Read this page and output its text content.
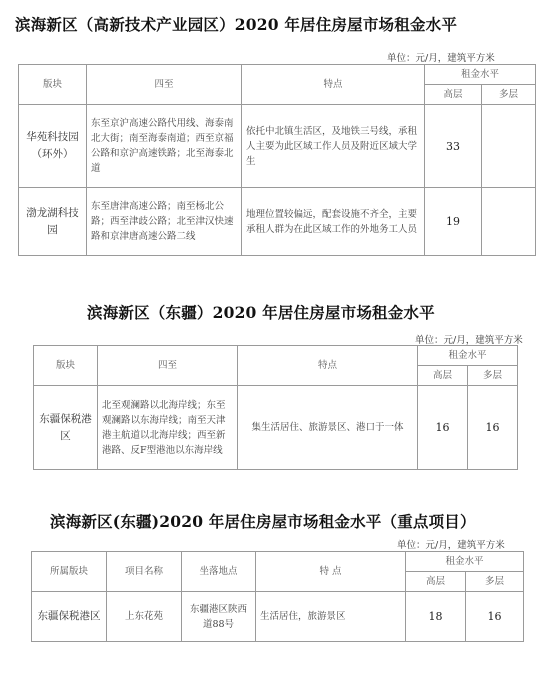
滨海新区（高新技术产业园区）2020 年居住房屋市场租金水平
单位：元/月，建筑平方米
版块	四至	特点	租金水平	
			高层	多层
华苑科技园（环外）	东至京沪高速公路代用线、海泰南北大街；南至海泰南道；西至京福公路和京沪高速铁路；北至海泰北道	依托中北镇生活区，及地铁三号线，承租人主要为此区域工作人员及附近区域大学生	33	
渤龙湖科技园	东至唐津高速公路；南至杨北公路；西至津歧公路；北至津汉快速路和京津唐高速公路二线	地理位置较偏远，配套设施不齐全，主要承租人群为在此区域工作的外地务工人员	19	
滨海新区（东疆）2020 年居住房屋市场租金水平
单位：元/月，建筑平方米
版块	四至	特点	租金水平	
			高层	多层
东疆保税港区	北至观澜路以北海岸线；东至观澜路以东海岸线；南至天津港主航道以北海岸线；西至新港路、反F型港池以东海岸线	集生活居住、旅游景区、港口于一体	16	16
滨海新区(东疆)2020 年居住房屋市场租金水平（重点项目）
单位：元/月，建筑平方米
所属版块	项目名称	坐落地点	特 点	租金水平	
				高层	多层
东疆保税港区	上东花苑	东疆港区陕西道88号	生活居住，旅游景区	18	16
